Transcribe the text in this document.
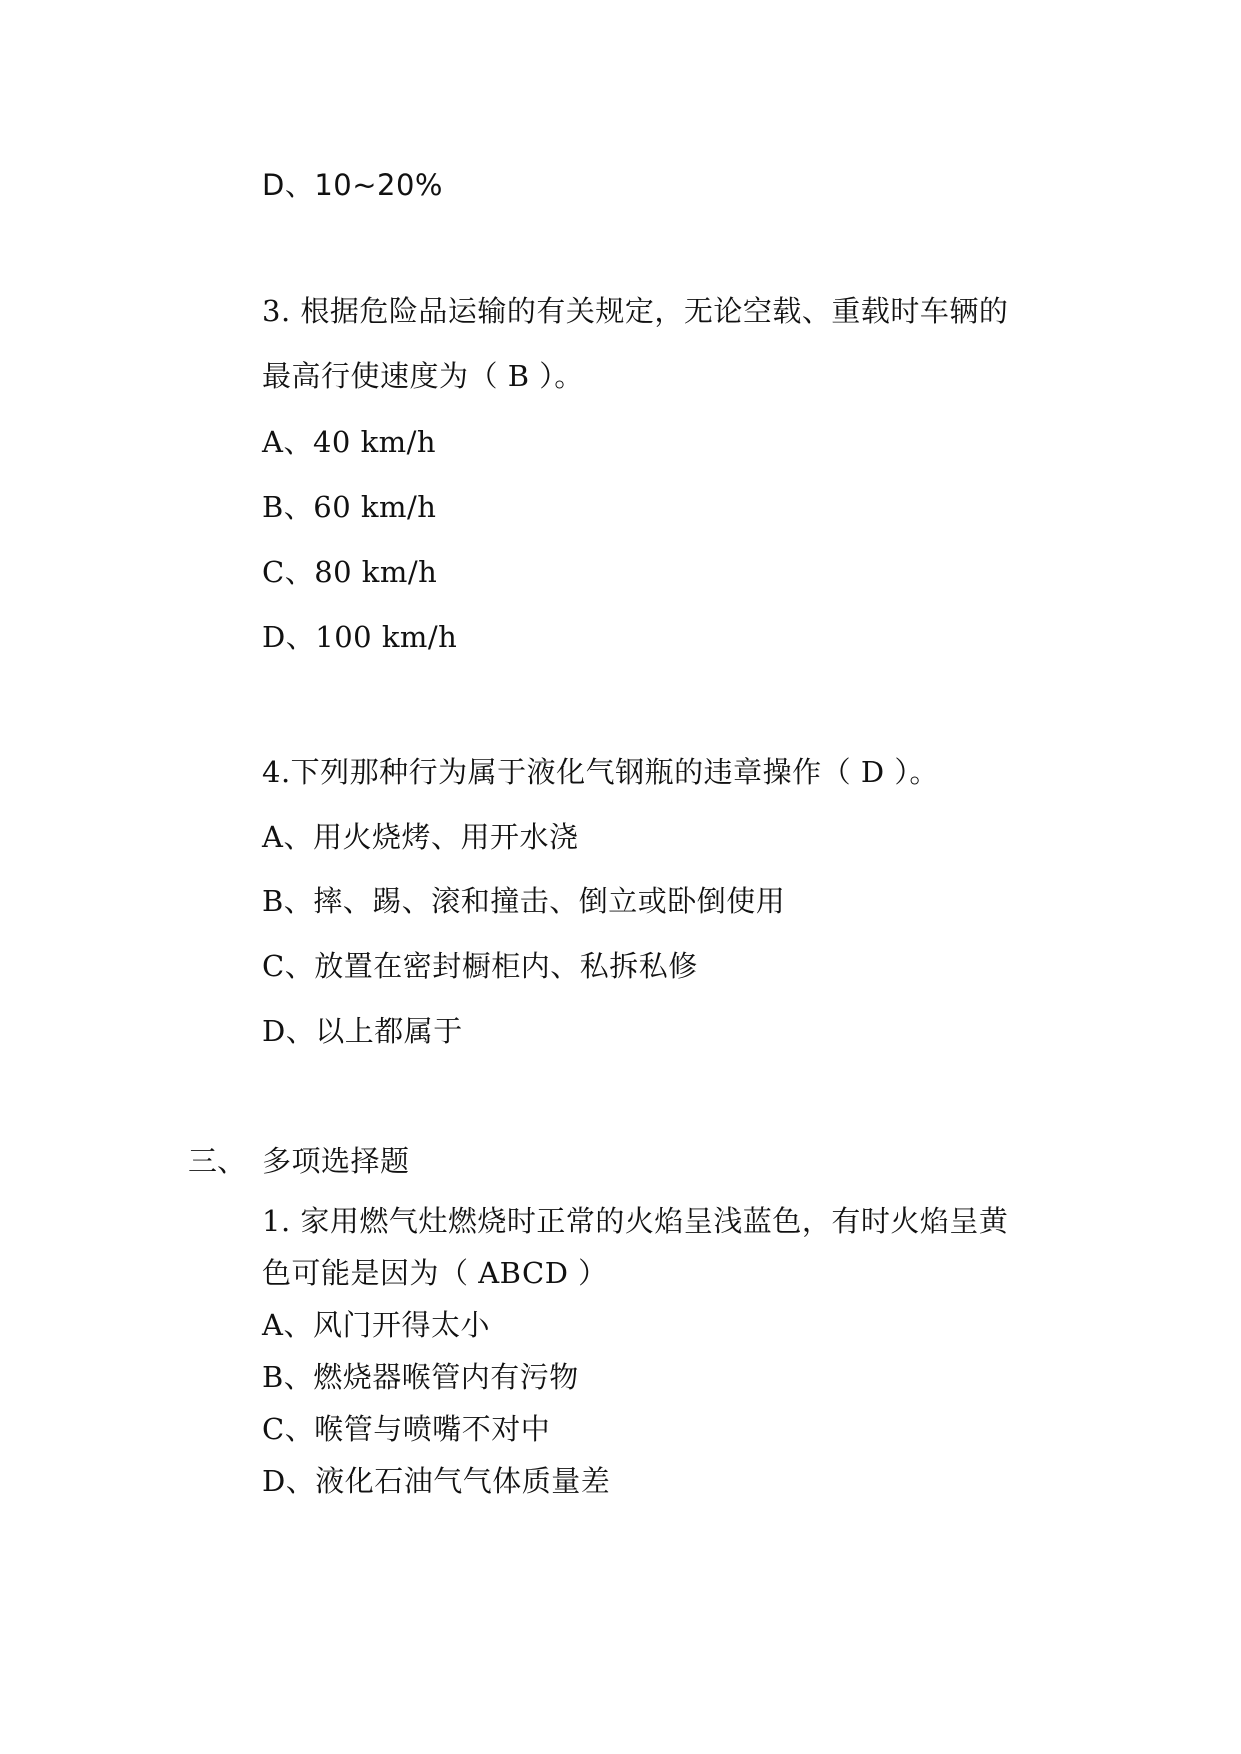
D、10~20%
3. 根据危险品运输的有关规定，无论空载、重载时车辆的
最高行使速度为（ B ）。
A、40 km/h
B、60 km/h
C、80 km/h
D、100 km/h
4.下列那种行为属于液化气钢瓶的违章操作（ D ）。
A、用火烧烤、用开水浇
B、摔、踢、滚和撞击、倒立或卧倒使用
C、放置在密封橱柜内、私拆私修
D、以上都属于
三、 多项选择题
1. 家用燃气灶燃烧时正常的火焰呈浅蓝色，有时火焰呈黄
色可能是因为（ ABCD ）
A、风门开得太小
B、燃烧器喉管内有污物
C、喉管与喷嘴不对中
D、液化石油气气体质量差
